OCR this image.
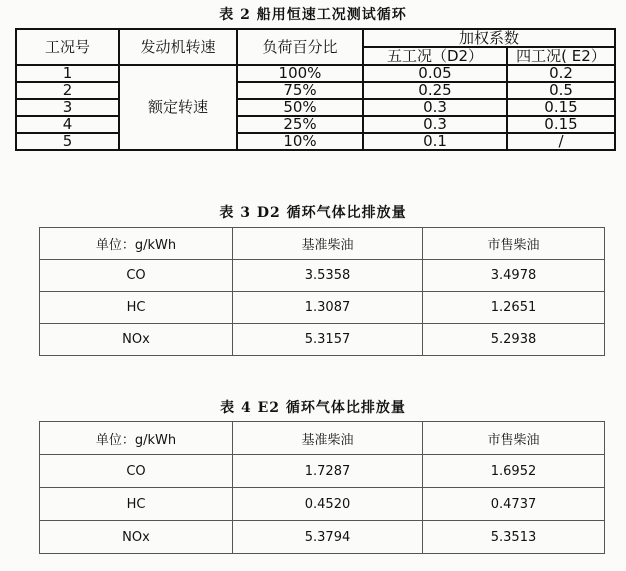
表 2 船用恒速工况测试循环
工况号	发动机转速	负荷百分比	加权系数	
			五工况（D2）	四工况( E2）
1	额定转速	100%	0.05	0.2
2		75%	0.25	0.5
3		50%	0.3	0.15
4		25%	0.3	0.15
5		10%	0.1	/
表 3 D2 循环气体比排放量
单位：g/kWh	基准柴油	市售柴油
CO	3.5358	3.4978
HC	1.3087	1.2651
NOx	5.3157	5.2938
表 4 E2 循环气体比排放量
单位：g/kWh	基准柴油	市售柴油
CO	1.7287	1.6952
HC	0.4520	0.4737
NOx	5.3794	5.3513
